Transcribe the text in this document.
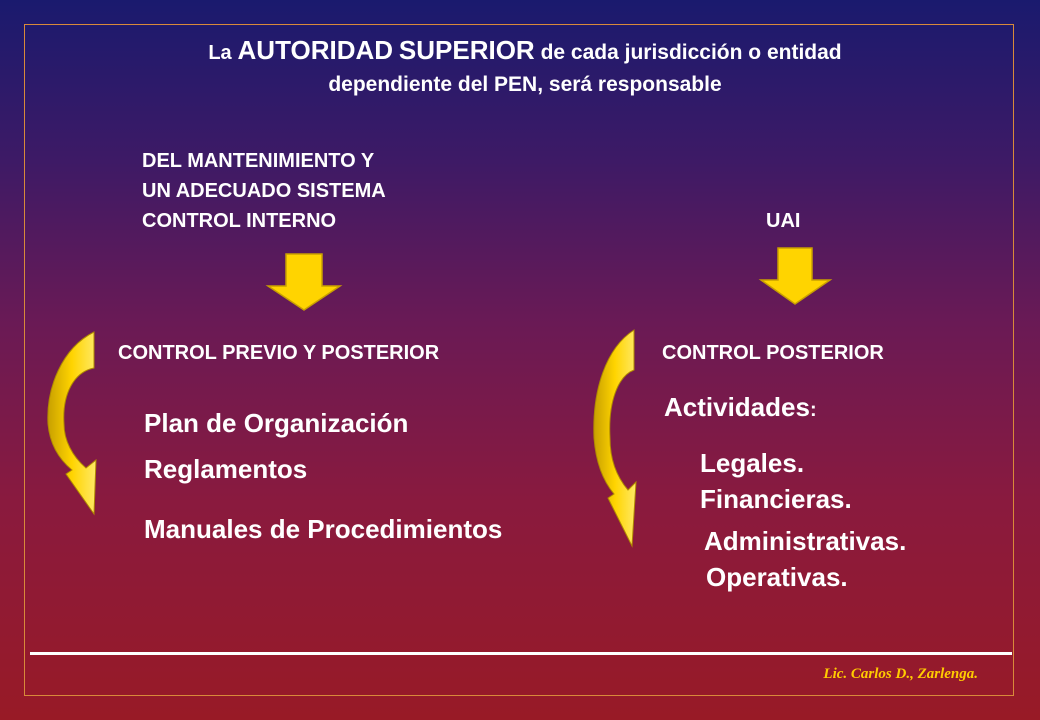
La AUTORIDAD SUPERIOR de cada jurisdicción o entidad
dependiente del PEN, será responsable
DEL MANTENIMIENTO Y
UN ADECUADO SISTEMA
CONTROL INTERNO	UAI
CONTROL PREVIO Y POSTERIOR	CONTROL POSTERIOR
Plan de Organización
Reglamentos
Manuales de Procedimientos
Actividades:
Legales.
Financieras.
Administrativas.
Operativas.
Lic. Carlos D., Zarlenga.
